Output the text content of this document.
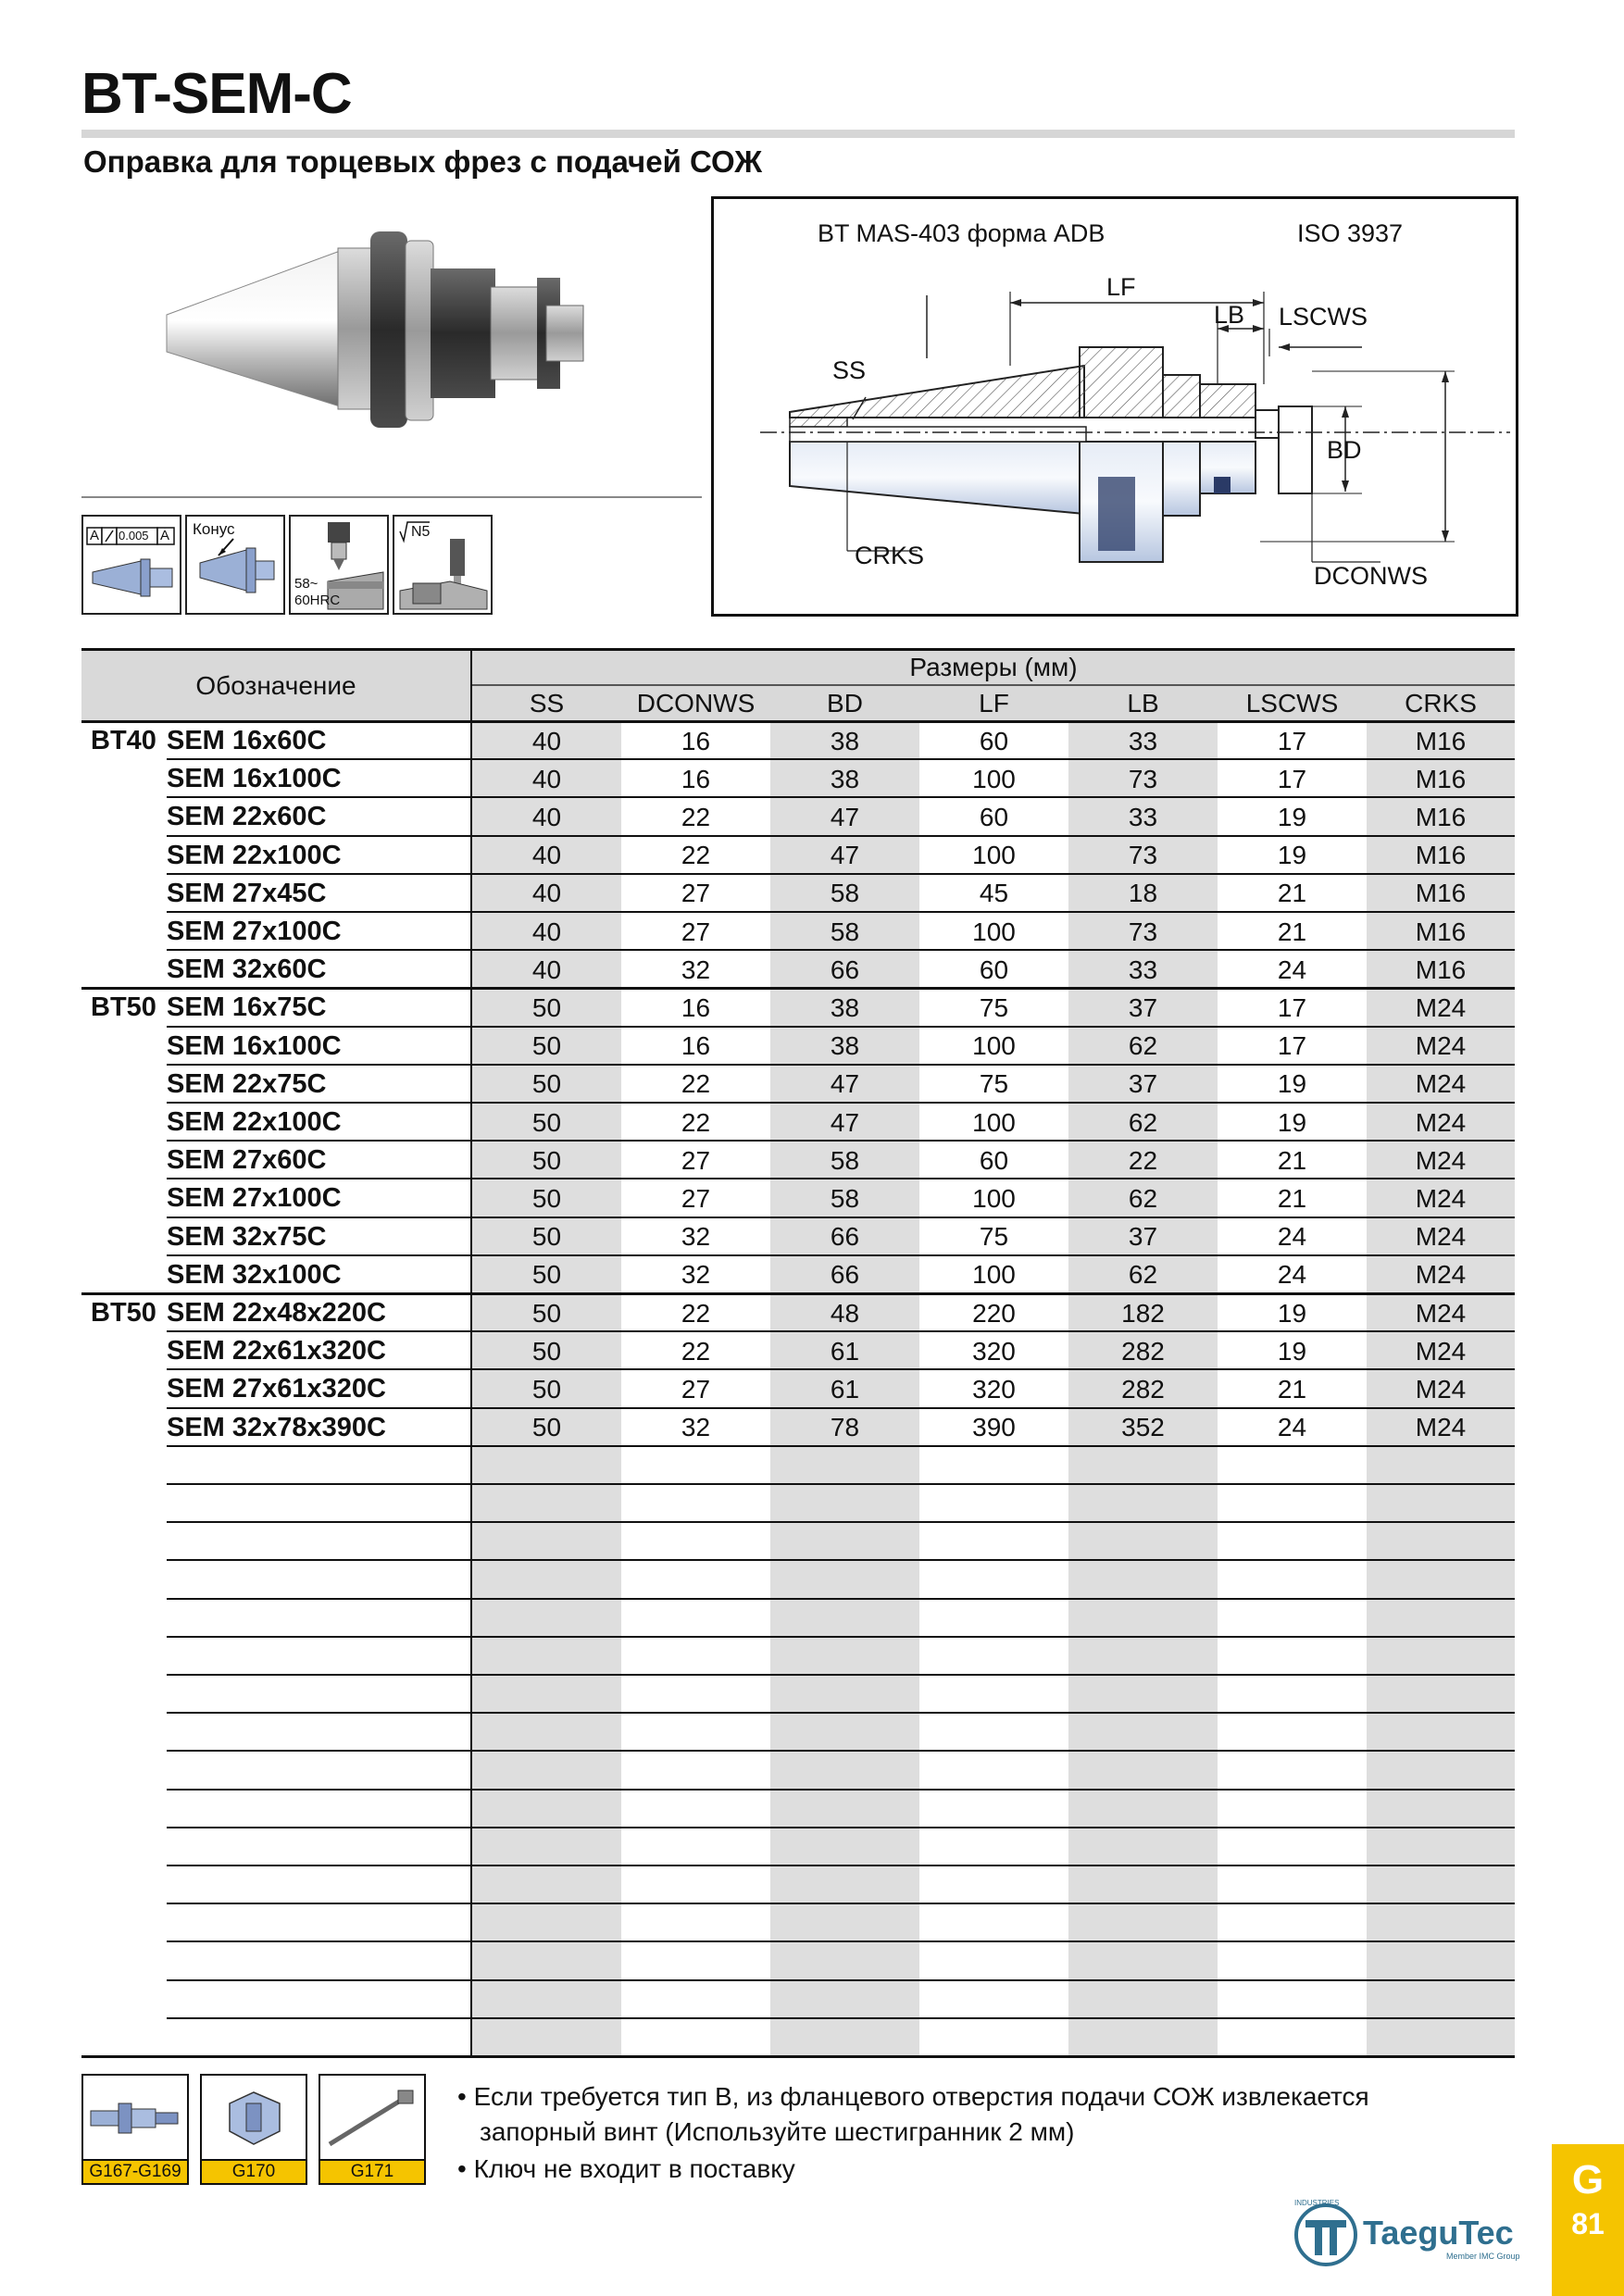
BT-SEM-C
Оправка для торцевых фрез с подачей СОЖ
A 0.005 A Конус
58~
60HRC
N5
BT MAS-403 форма ADB	ISO 3937
LF
LB LSCWS
SS
BD
CRKS
DCONWS
Обозначение
Размеры (мм)
SS	DCONWS	BD	LF	LB	LSCWS	CRKS
BT40 SEM 16x60C	40	16	38	60	33	17	M16
SEM 16x100C	40	16	38	100	73	17	M16
SEM 22x60C	40	22	47	60	33	19	M16
SEM 22x100C	40	22	47	100	73	19	M16
SEM 27x45C	40	27	58	45	18	21	M16
SEM 27x100C	40	27	58	100	73	21	M16
SEM 32x60C	40	32	66	60	33	24	M16
BT50 SEM 16x75C	50	16	38	75	37	17	M24
SEM 16x100C	50	16	38	100	62	17	M24
SEM 22x75C	50	22	47	75	37	19	M24
SEM 22x100C	50	22	47	100	62	19	M24
SEM 27x60C	50	27	58	60	22	21	M24
SEM 27x100C	50	27	58	100	62	21	M24
SEM 32x75C	50	32	66	75	37	24	M24
SEM 32x100C	50	32	66	100	62	24	M24
BT50 SEM 22x48x220C	50	22	48	220	182	19	M24
SEM 22x61x320C	50	22	61	320	282	19	M24
SEM 27x61x320C	50	27	61	320	282	21	M24
SEM 32x78x390C	50	32	78	390	352	24	M24
G167-G169	G170	G171
• Если требуется тип В, из фланцевого отверстия подачи СОЖ извлекается
запорный винт (Используйте шестигранник 2 мм)
• Ключ не входит в поставку
TaeguTec
INDUSTRIES
Member IMC Group
G
81
